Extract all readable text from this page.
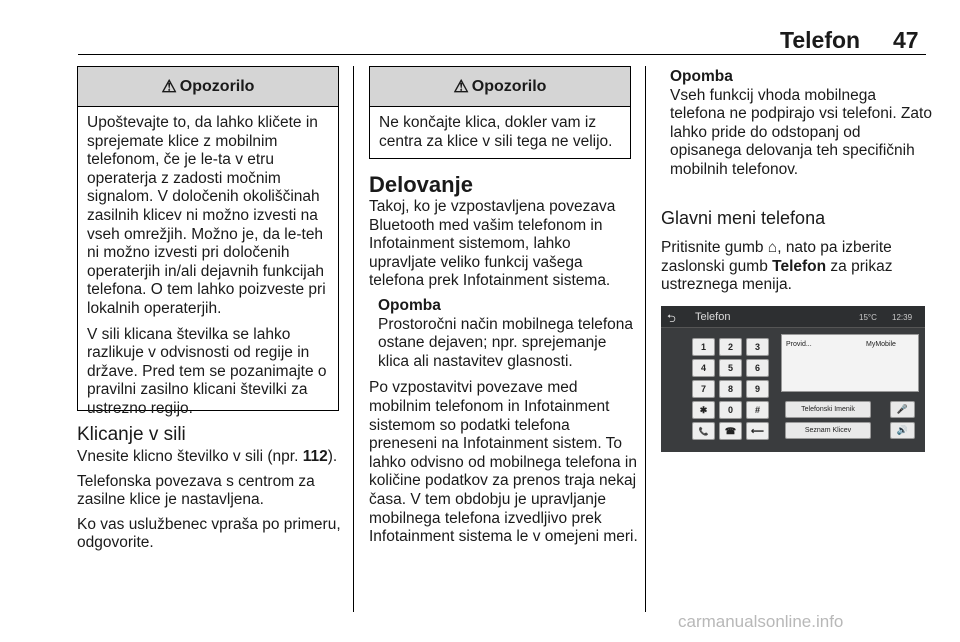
Telefon 47
⚠ Opozorilo

Upoštevajte to, da lahko kličete in sprejemate klice z mobilnim telefonom, če je le-ta v etru operaterja z zadosti močnim signalom. V določenih okoliščinah zasilnih klicev ni možno izvesti na vseh omrežjih. Možno je, da le-teh ni možno izvesti pri določenih operaterjih in/ali dejavnih funkcijah telefona. O tem lahko poizveste pri lokalnih operaterjih.

V sili klicana številka se lahko razlikuje v odvisnosti od regije in države. Pred tem se pozanimajte o pravilni zasilno klicani številki za ustrezno regijo.

Klicanje v sili

Vnesite klicno številko v sili (npr. 112).

Telefonska povezava s centrom za zasilne klice je nastavljena.

Ko vas uslužbenec vpraša po primeru, odgovorite.

⚠ Opozorilo

Ne končajte klica, dokler vam iz centra za klice v sili tega ne velijo.

Delovanje

Takoj, ko je vzpostavljena povezava Bluetooth med vašim telefonom in Infotainment sistemom, lahko upravljate veliko funkcij vašega telefona prek Infotainment sistema.

Opomba
Prostoročni način mobilnega telefona ostane dejaven; npr. sprejemanje klica ali nastavitev glasnosti.

Po vzpostavitvi povezave med mobilnim telefonom in Infotainment sistemom so podatki telefona preneseni na Infotainment sistem. To lahko odvisno od mobilnega telefona in količine podatkov za prenos traja nekaj časa. V tem obdobju je upravljanje mobilnega telefona izvedljivo prek Infotainment sistema le v omejeni meri.

Opomba
Vseh funkcij vhoda mobilnega telefona ne podpirajo vsi telefoni. Zato lahko pride do odstopanj od opisanega delovanja teh specifičnih mobilnih telefonov.
Glavni meni telefona
Pritisnite gumb ⌂, nato pa izberite zaslonski gumb Telefon za prikaz ustreznega menija.
⮌ Telefon	15°C 12:39
1	2	3
4	5	6
7	8	9
✱	0	#
📞	☎	⟵
Provid...	MyMobile
Telefonski Imenik	🎤
Seznam Klicev	🔊
carmanualsonline.info
